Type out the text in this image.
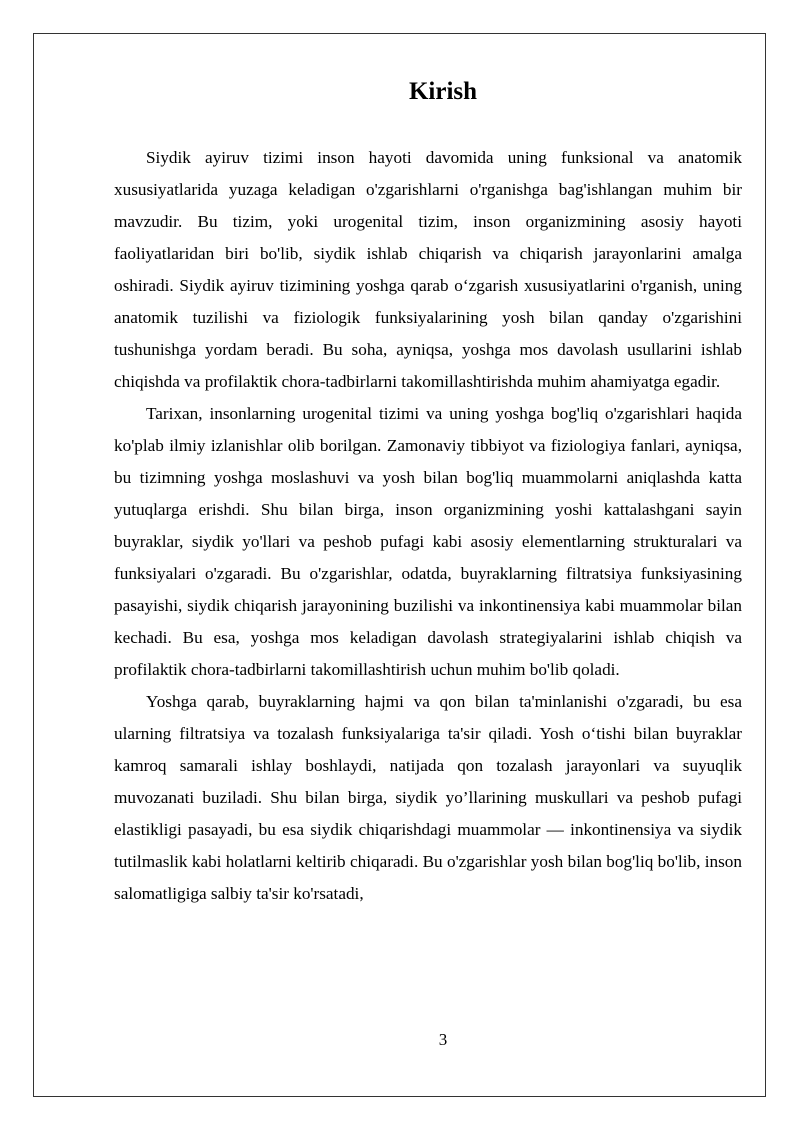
Kirish

Siydik ayiruv tizimi inson hayoti davomida uning funksional va anatomik xususiyatlarida yuzaga keladigan o'zgarishlarni o'rganishga bag'ishlangan muhim bir mavzudir. Bu tizim, yoki urogenital tizim, inson organizmining asosiy hayoti faoliyatlaridan biri bo'lib, siydik ishlab chiqarish va chiqarish jarayonlarini amalga oshiradi. Siydik ayiruv tizimining yoshga qarab o‘zgarish xususiyatlarini o'rganish, uning anatomik tuzilishi va fiziologik funksiyalarining yosh bilan qanday o'zgarishini tushunishga yordam beradi. Bu soha, ayniqsa, yoshga mos davolash usullarini ishlab chiqishda va profilaktik chora-tadbirlarni takomillashtirishda muhim ahamiyatga egadir.

Tarixan, insonlarning urogenital tizimi va uning yoshga bog'liq o'zgarishlari haqida ko'plab ilmiy izlanishlar olib borilgan. Zamonaviy tibbiyot va fiziologiya fanlari, ayniqsa, bu tizimning yoshga moslashuvi va yosh bilan bog'liq muammolarni aniqlashda katta yutuqlarga erishdi. Shu bilan birga, inson organizmining yoshi kattalashgani sayin buyraklar, siydik yo'llari va peshob pufagi kabi asosiy elementlarning strukturalari va funksiyalari o'zgaradi. Bu o'zgarishlar, odatda, buyraklarning filtratsiya funksiyasining pasayishi, siydik chiqarish jarayonining buzilishi va inkontinensiya kabi muammolar bilan kechadi. Bu esa, yoshga mos keladigan davolash strategiyalarini ishlab chiqish va profilaktik chora-tadbirlarni takomillashtirish uchun muhim bo'lib qoladi.

Yoshga qarab, buyraklarning hajmi va qon bilan ta'minlanishi o'zgaradi, bu esa ularning filtratsiya va tozalash funksiyalariga ta'sir qiladi. Yosh o‘tishi bilan buyraklar kamroq samarali ishlay boshlaydi, natijada qon tozalash jarayonlari va suyuqlik muvozanati buziladi. Shu bilan birga, siydik yo’llarining muskullari va peshob pufagi elastikligi pasayadi, bu esa siydik chiqarishdagi muammolar — inkontinensiya va siydik tutilmaslik kabi holatlarni keltirib chiqaradi. Bu o'zgarishlar yosh bilan bog'liq bo'lib, inson salomatligiga salbiy ta'sir ko'rsatadi,

3
